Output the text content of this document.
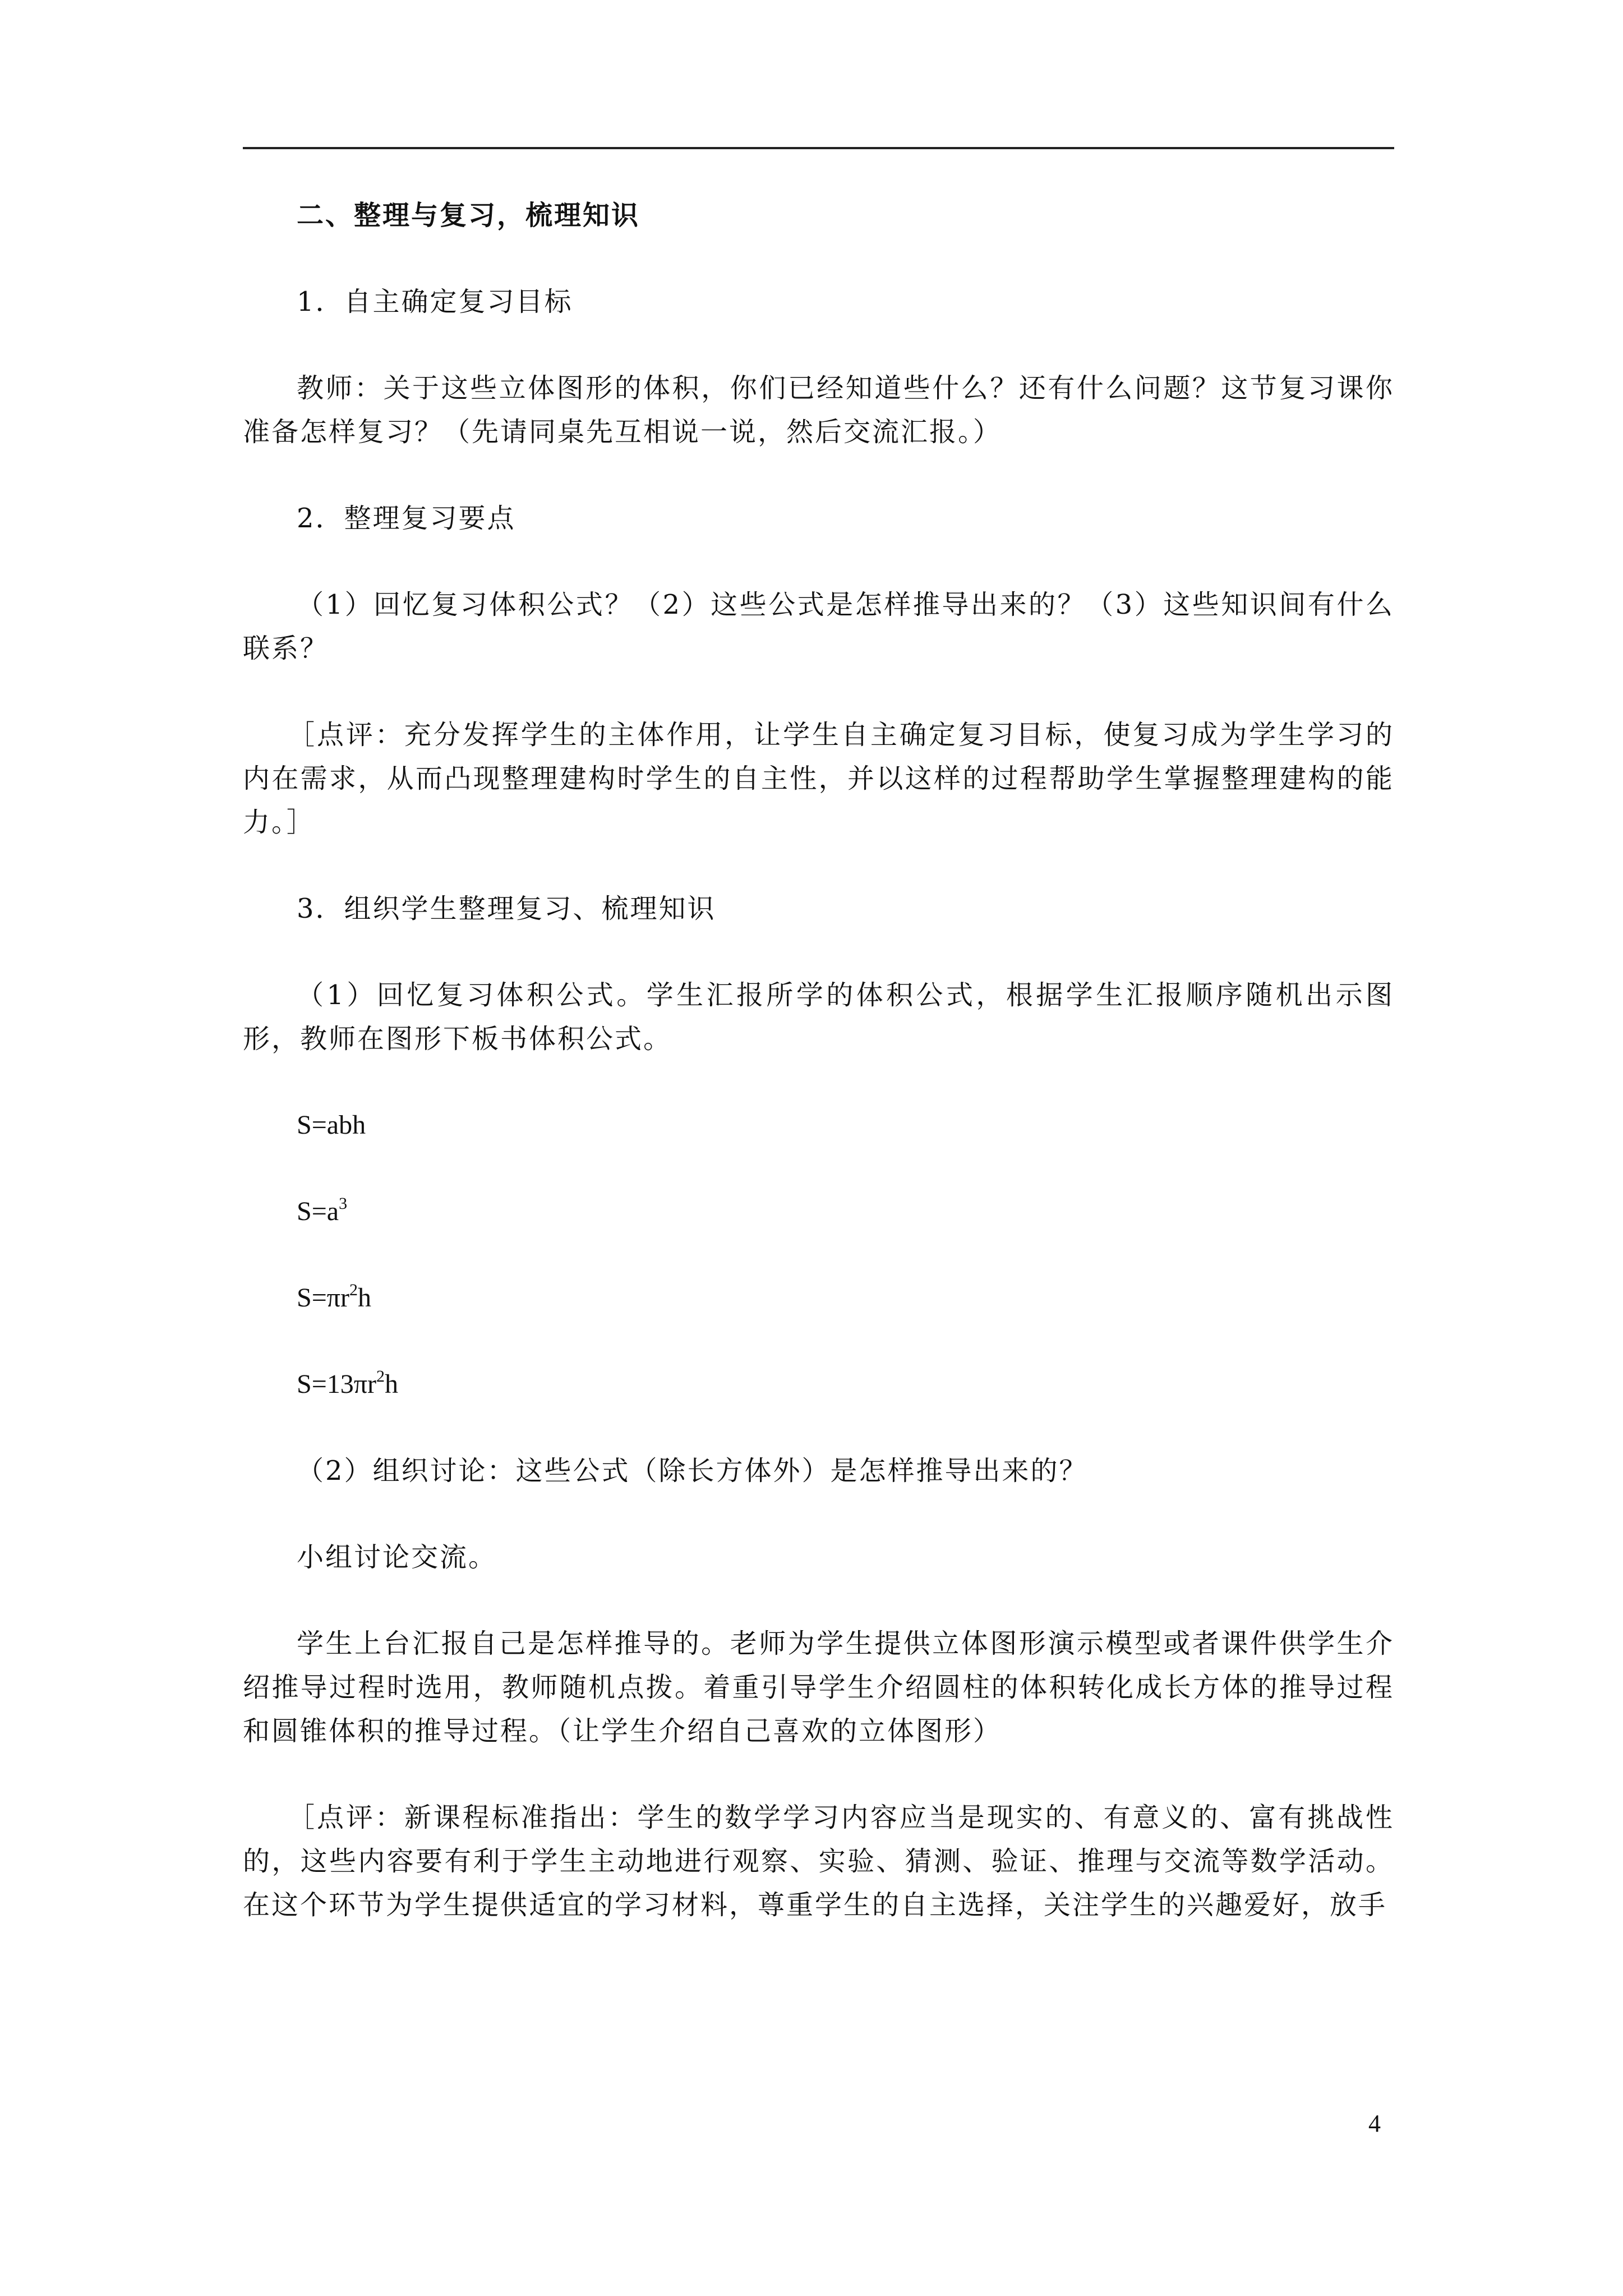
二、整理与复习，梳理知识

1．自主确定复习目标

教师：关于这些立体图形的体积，你们已经知道些什么？还有什么问题？这节复习课你准备怎样复习？（先请同桌先互相说一说，然后交流汇报。）

2．整理复习要点

（1）回忆复习体积公式？（2）这些公式是怎样推导出来的？（3）这些知识间有什么联系？

［点评：充分发挥学生的主体作用，让学生自主确定复习目标，使复习成为学生学习的内在需求，从而凸现整理建构时学生的自主性，并以这样的过程帮助学生掌握整理建构的能力。］

3．组织学生整理复习、梳理知识

（1）回忆复习体积公式。学生汇报所学的体积公式，根据学生汇报顺序随机出示图形，教师在图形下板书体积公式。

S=abh
$S=a^3$
$S=\pi r^2h$
$S=13\pi r^2h$

（2）组织讨论：这些公式（除长方体外）是怎样推导出来的？

小组讨论交流。

学生上台汇报自己是怎样推导的。老师为学生提供立体图形演示模型或者课件供学生介绍推导过程时选用，教师随机点拨。着重引导学生介绍圆柱的体积转化成长方体的推导过程和圆锥体积的推导过程。（让学生介绍自己喜欢的立体图形）

［点评：新课程标准指出：学生的数学学习内容应当是现实的、有意义的、富有挑战性的，这些内容要有利于学生主动地进行观察、实验、猜测、验证、推理与交流等数学活动。在这个环节为学生提供适宜的学习材料，尊重学生的自主选择，关注学生的兴趣爱好，放手

4
